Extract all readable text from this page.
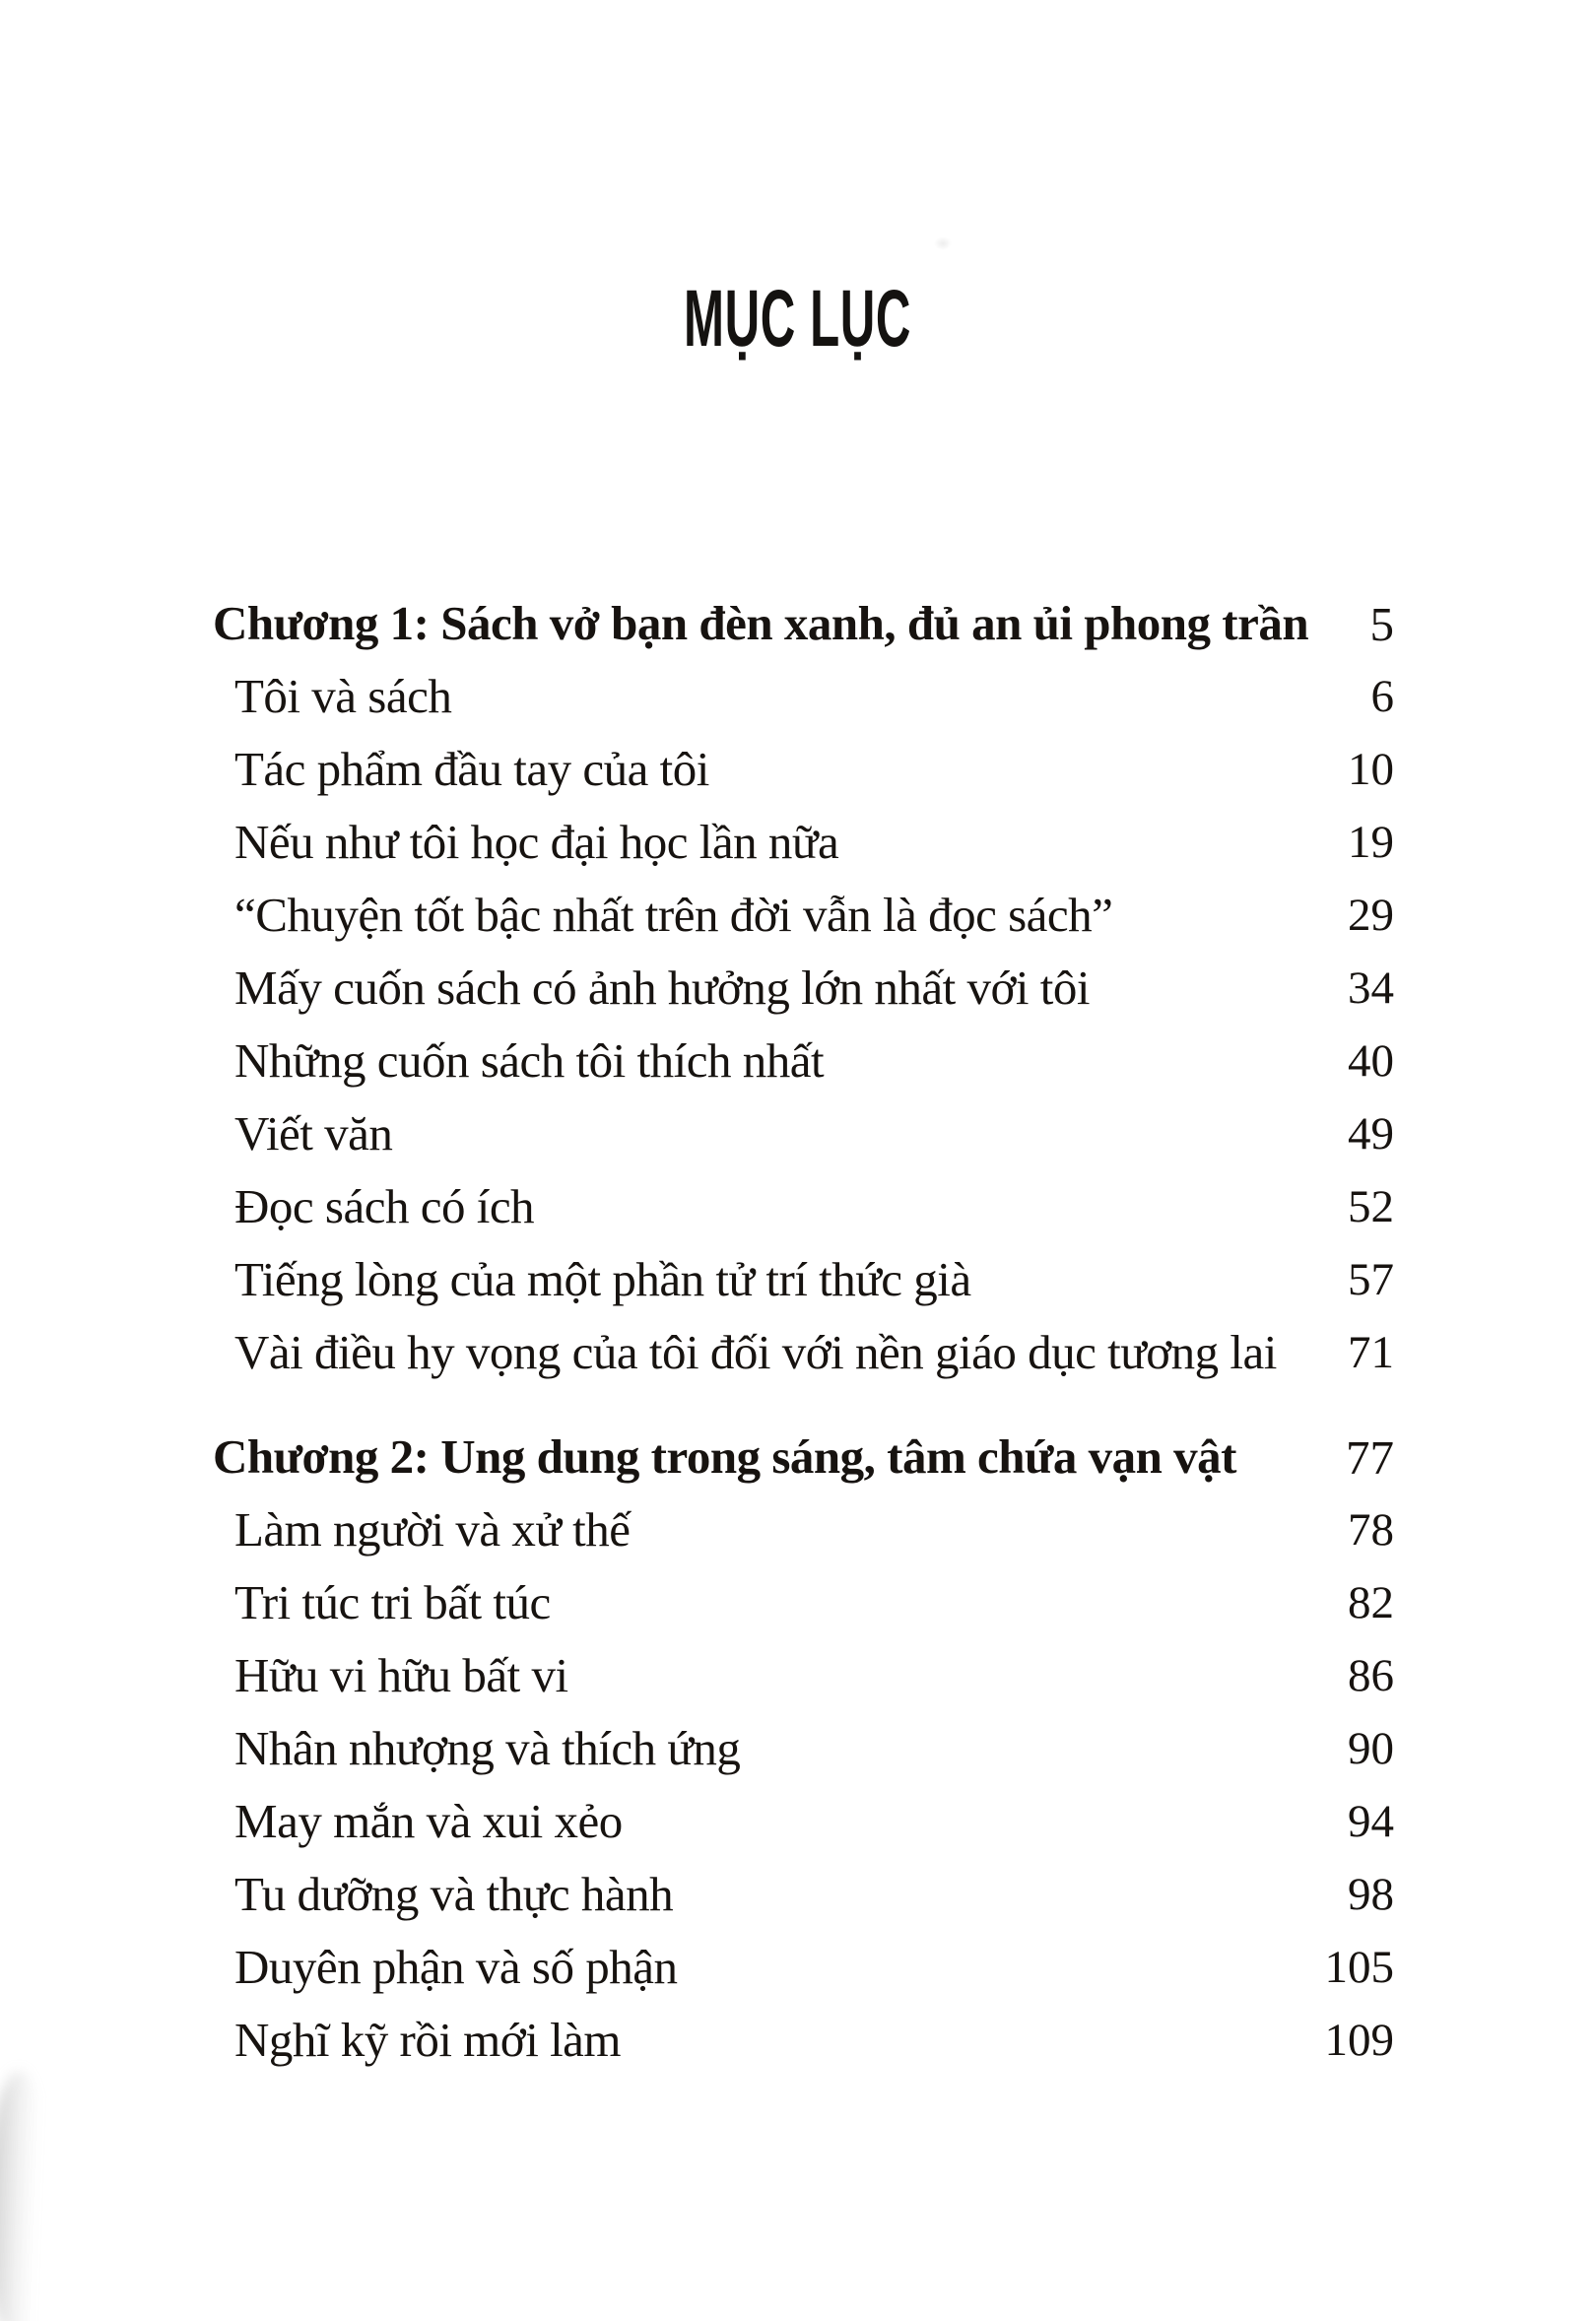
MỤC LỤC
Chương 1: Sách vở bạn đèn xanh, đủ an ủi phong trần 5
Tôi và sách	6
Tác phẩm đầu tay của tôi	10
Nếu như tôi học đại học lần nữa	19
“Chuyện tốt bậc nhất trên đời vẫn là đọc sách”	29
Mấy cuốn sách có ảnh hưởng lớn nhất với tôi	34
Những cuốn sách tôi thích nhất	40
Viết văn	49
Đọc sách có ích	52
Tiếng lòng của một phần tử trí thức già	57
Vài điều hy vọng của tôi đối với nền giáo dục tương lai 71
Chương 2: Ung dung trong sáng, tâm chứa vạn vật 77
Làm người và xử thế	78
Tri túc tri bất túc	82
Hữu vi hữu bất vi	86
Nhân nhượng và thích ứng	90
May mắn và xui xẻo	94
Tu dưỡng và thực hành	98
Duyên phận và số phận	105
Nghĩ kỹ rồi mới làm	109
